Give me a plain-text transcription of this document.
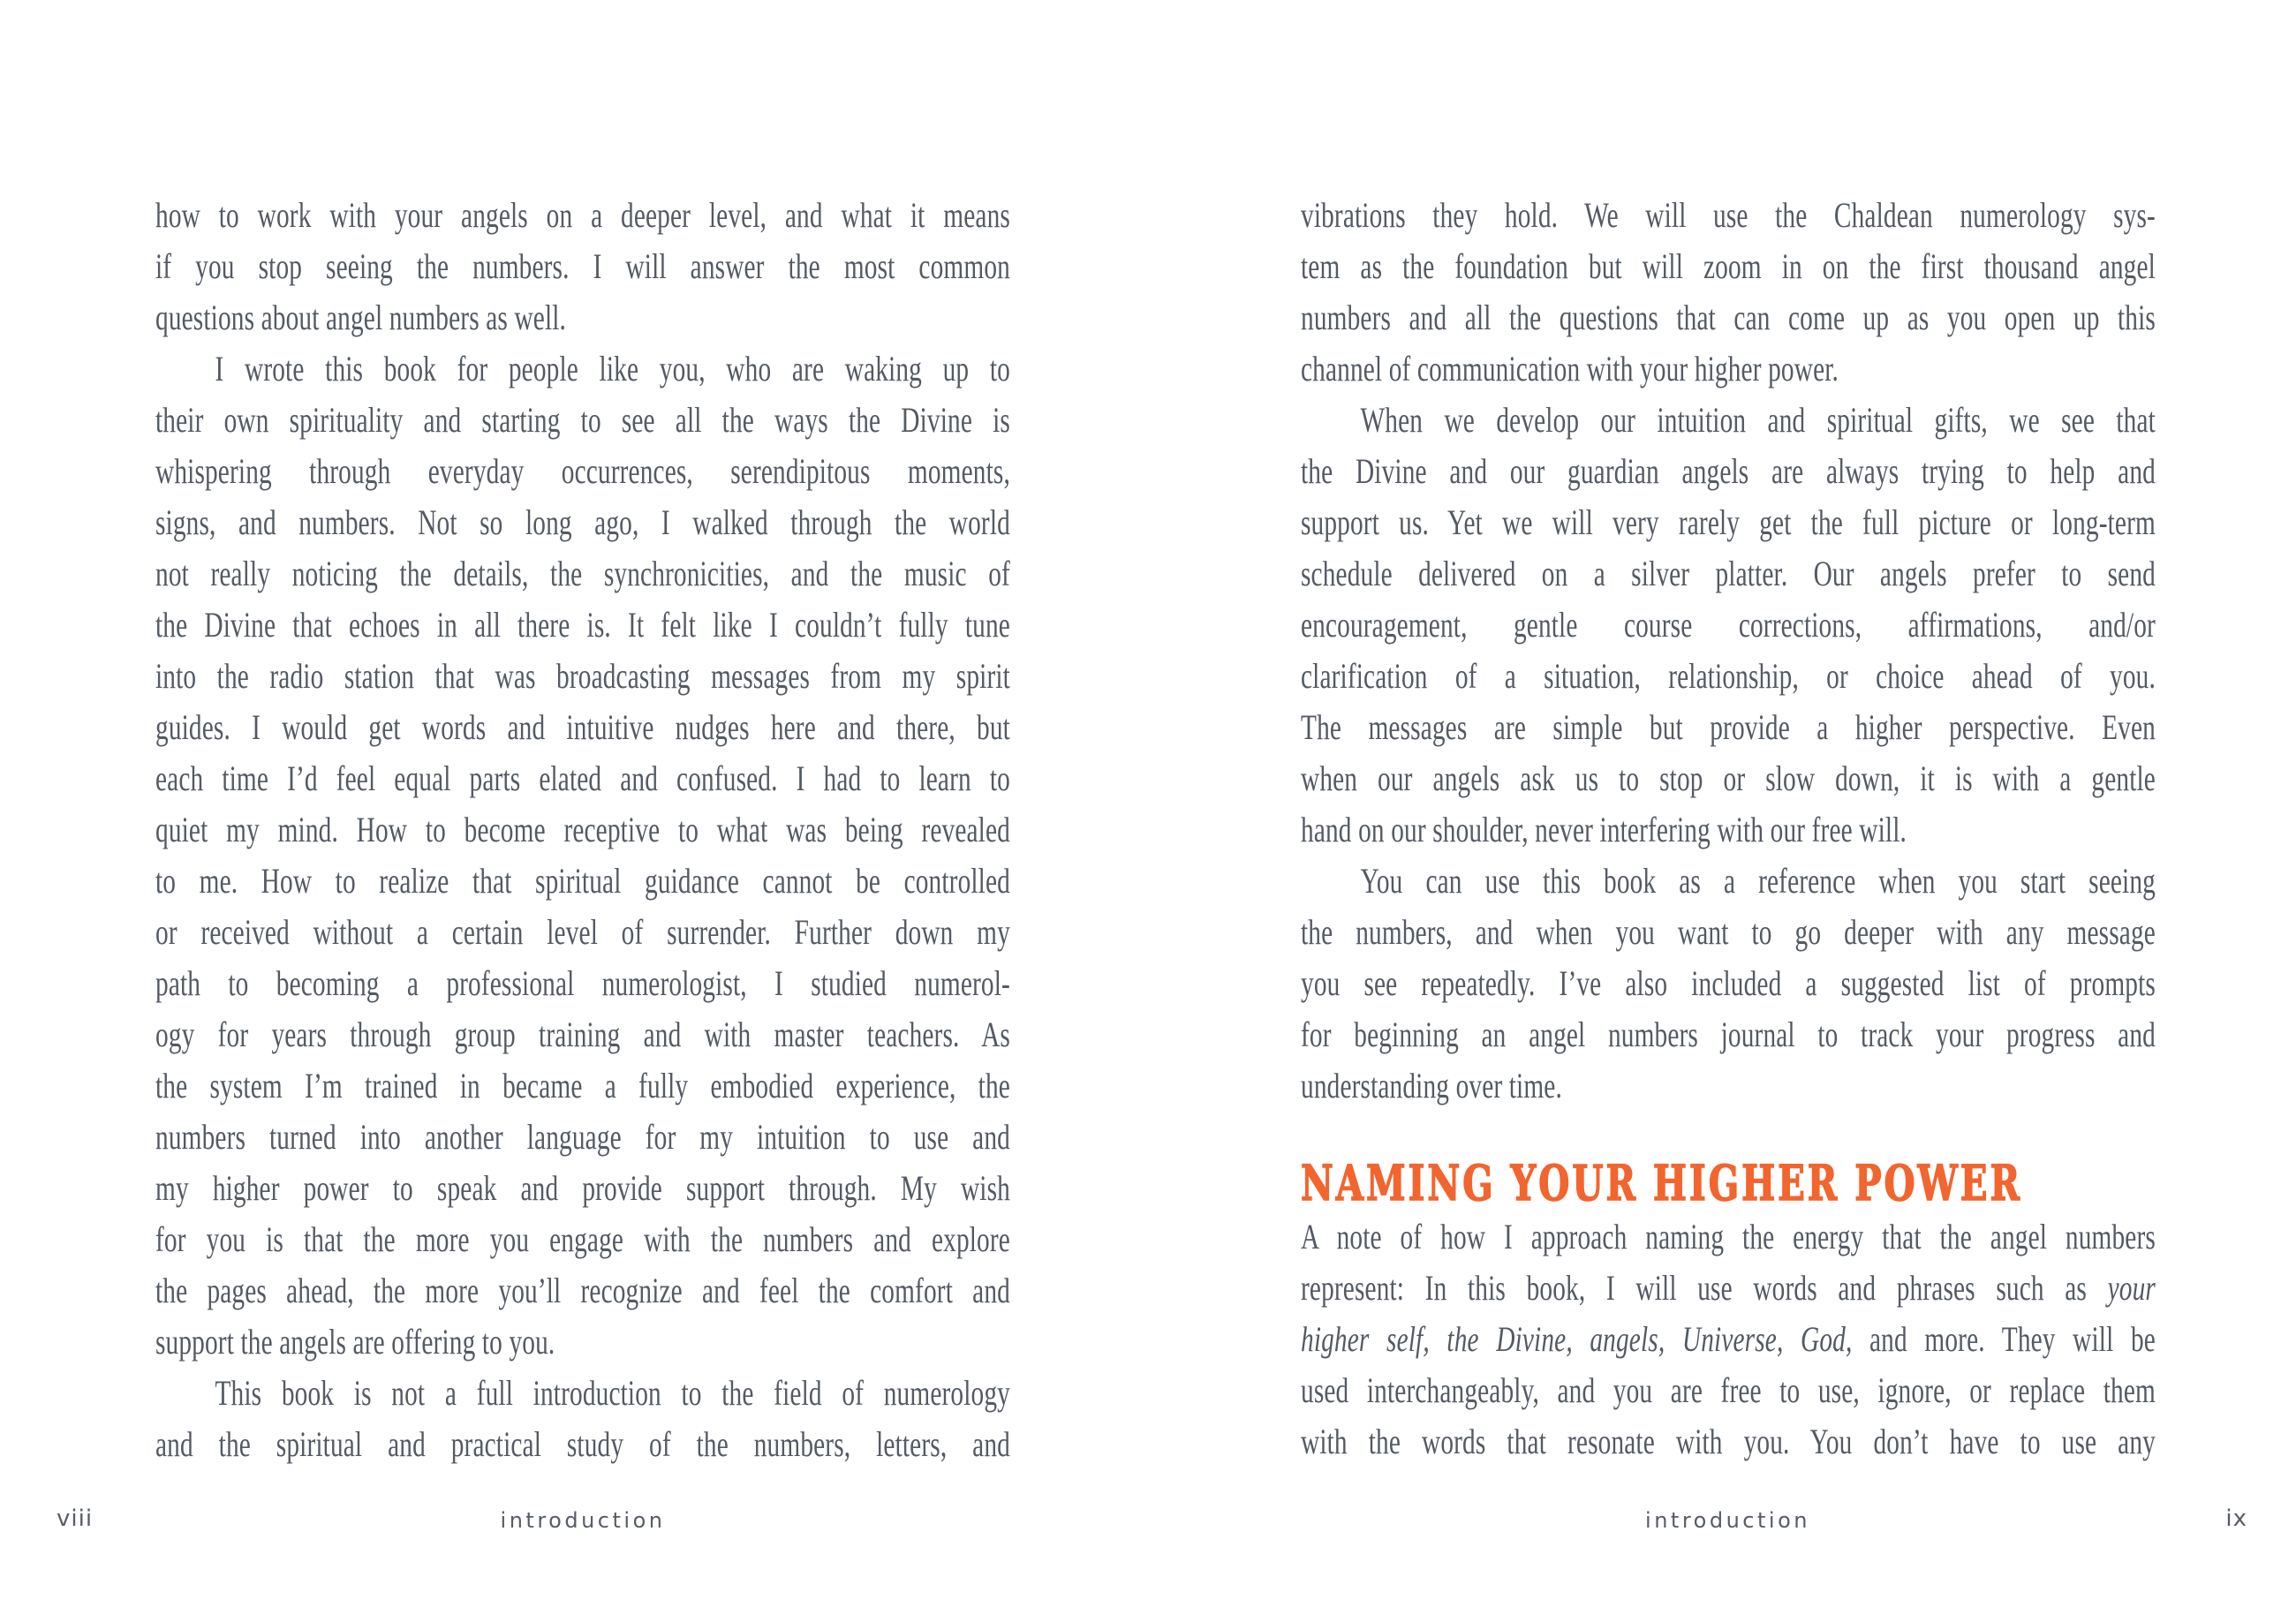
how to work with your angels on a deeper level, and what it means
if you stop seeing the numbers. I will answer the most common
questions about angel numbers as well.
I wrote this book for people like you, who are waking up to
their own spirituality and starting to see all the ways the Divine is
whispering through everyday occurrences, serendipitous moments,
signs, and numbers. Not so long ago, I walked through the world
not really noticing the details, the synchronicities, and the music of
the Divine that echoes in all there is. It felt like I couldn’t fully tune
into the radio station that was broadcasting messages from my spirit
guides. I would get words and intuitive nudges here and there, but
each time I’d feel equal parts elated and confused. I had to learn to
quiet my mind. How to become receptive to what was being revealed
to me. How to realize that spiritual guidance cannot be controlled
or received without a certain level of surrender. Further down my
path to becoming a professional numerologist, I studied numerol-
ogy for years through group training and with master teachers. As
the system I’m trained in became a fully embodied experience, the
numbers turned into another language for my intuition to use and
my higher power to speak and provide support through. My wish
for you is that the more you engage with the numbers and explore
the pages ahead, the more you’ll recognize and feel the comfort and
support the angels are offering to you.
This book is not a full introduction to the field of numerology
and the spiritual and practical study of the numbers, letters, and
vibrations they hold. We will use the Chaldean numerology sys-
tem as the foundation but will zoom in on the first thousand angel
numbers and all the questions that can come up as you open up this
channel of communication with your higher power.
When we develop our intuition and spiritual gifts, we see that
the Divine and our guardian angels are always trying to help and
support us. Yet we will very rarely get the full picture or long-term
schedule delivered on a silver platter. Our angels prefer to send
encouragement, gentle course corrections, affirmations, and/or
clarification of a situation, relationship, or choice ahead of you.
The messages are simple but provide a higher perspective. Even
when our angels ask us to stop or slow down, it is with a gentle
hand on our shoulder, never interfering with our free will.
You can use this book as a reference when you start seeing
the numbers, and when you want to go deeper with any message
you see repeatedly. I’ve also included a suggested list of prompts
for beginning an angel numbers journal to track your progress and
understanding over time.
NAMING YOUR HIGHER POWER
A note of how I approach naming the energy that the angel numbers
represent: In this book, I will use words and phrases such as your
higher self, the Divine, angels, Universe, God, and more. They will be
used interchangeably, and you are free to use, ignore, or replace them
with the words that resonate with you. You don’t have to use any
viii	introduction	introduction	ix
